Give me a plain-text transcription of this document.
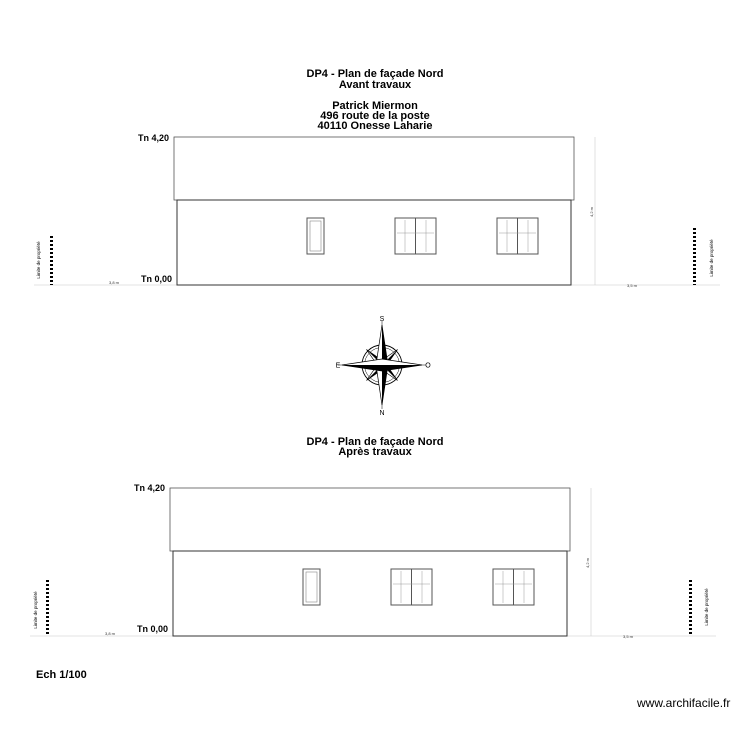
DP4 - Plan de façade Nord
Avant travaux
Patrick Miermon
496 route de la poste
40110 Onesse Laharie
Tn 4,20
Tn 0,00
DP4 - Plan de façade Nord
Après travaux
Tn 4,20
Tn 0,00
Ech 1/100
www.archifacile.fr
4,2 m
3,8 m
3,5 m
Limite de propriété	Limite de propriété
S
N
E	O
4,2 m
3,8 m
3,5 m
Limite de propriété	Limite de propriété
